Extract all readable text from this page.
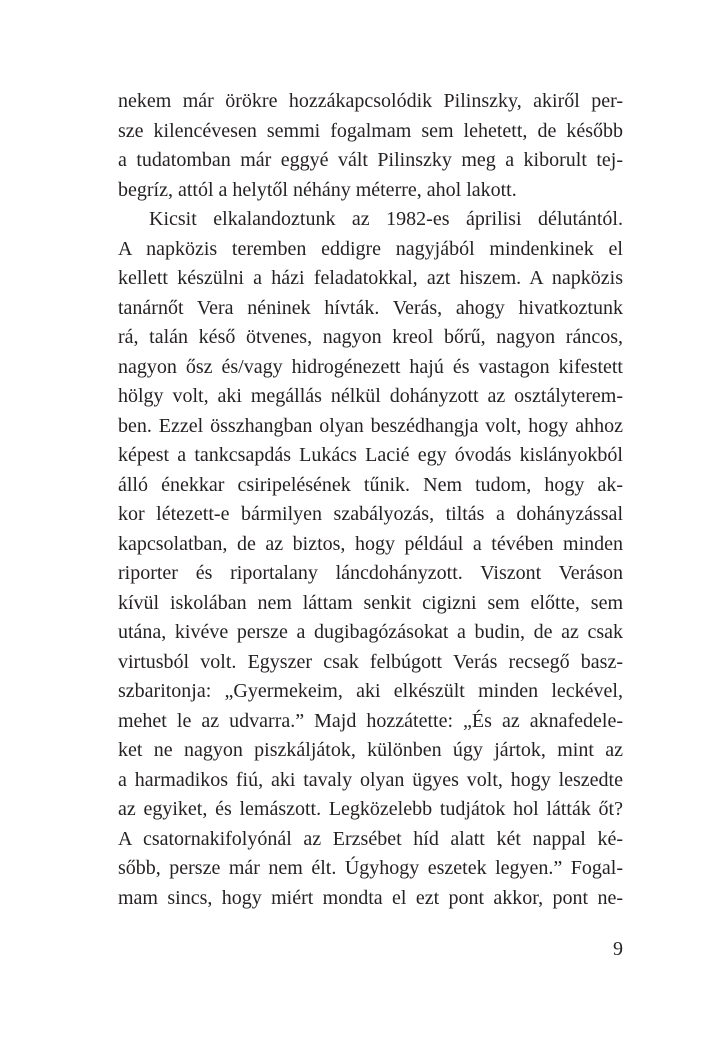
nekem már örökre hozzákapcsolódik Pilinszky, akiről per-
sze kilencévesen semmi fogalmam sem lehetett, de később
a tudatomban már eggyé vált Pilinszky meg a kiborult tej-
begríz, attól a helytől néhány méterre, ahol lakott.
Kicsit elkalandoztunk az 1982-es áprilisi délutántól.
A napközis teremben eddigre nagyjából mindenkinek el
kellett készülni a házi feladatokkal, azt hiszem. A napközis
tanárnőt Vera néninek hívták. Verás, ahogy hivatkoztunk
rá, talán késő ötvenes, nagyon kreol bőrű, nagyon ráncos,
nagyon ősz és/vagy hidrogénezett hajú és vastagon kifestett
hölgy volt, aki megállás nélkül dohányzott az osztályterem-
ben. Ezzel összhangban olyan beszédhangja volt, hogy ahhoz
képest a tankcsapdás Lukács Lacié egy óvodás kislányokból
álló énekkar csiripelésének tűnik. Nem tudom, hogy ak-
kor létezett-e bármilyen szabályozás, tiltás a dohányzással
kapcsolatban, de az biztos, hogy például a tévében minden
riporter és riportalany láncdohányzott. Viszont Veráson
kívül iskolában nem láttam senkit cigizni sem előtte, sem
utána, kivéve persze a dugibagózásokat a budin, de az csak
virtusból volt. Egyszer csak felbúgott Verás recsegő basz-
szbaritonja: „Gyermekeim, aki elkészült minden leckével,
mehet le az udvarra.” Majd hozzátette: „És az aknafedele-
ket ne nagyon piszkáljátok, különben úgy jártok, mint az
a harmadikos fiú, aki tavaly olyan ügyes volt, hogy leszedte
az egyiket, és lemászott. Legközelebb tudjátok hol látták őt?
A csatornakifolyónál az Erzsébet híd alatt két nappal ké-
sőbb, persze már nem élt. Úgyhogy eszetek legyen.” Fogal-
mam sincs, hogy miért mondta el ezt pont akkor, pont ne-
9
